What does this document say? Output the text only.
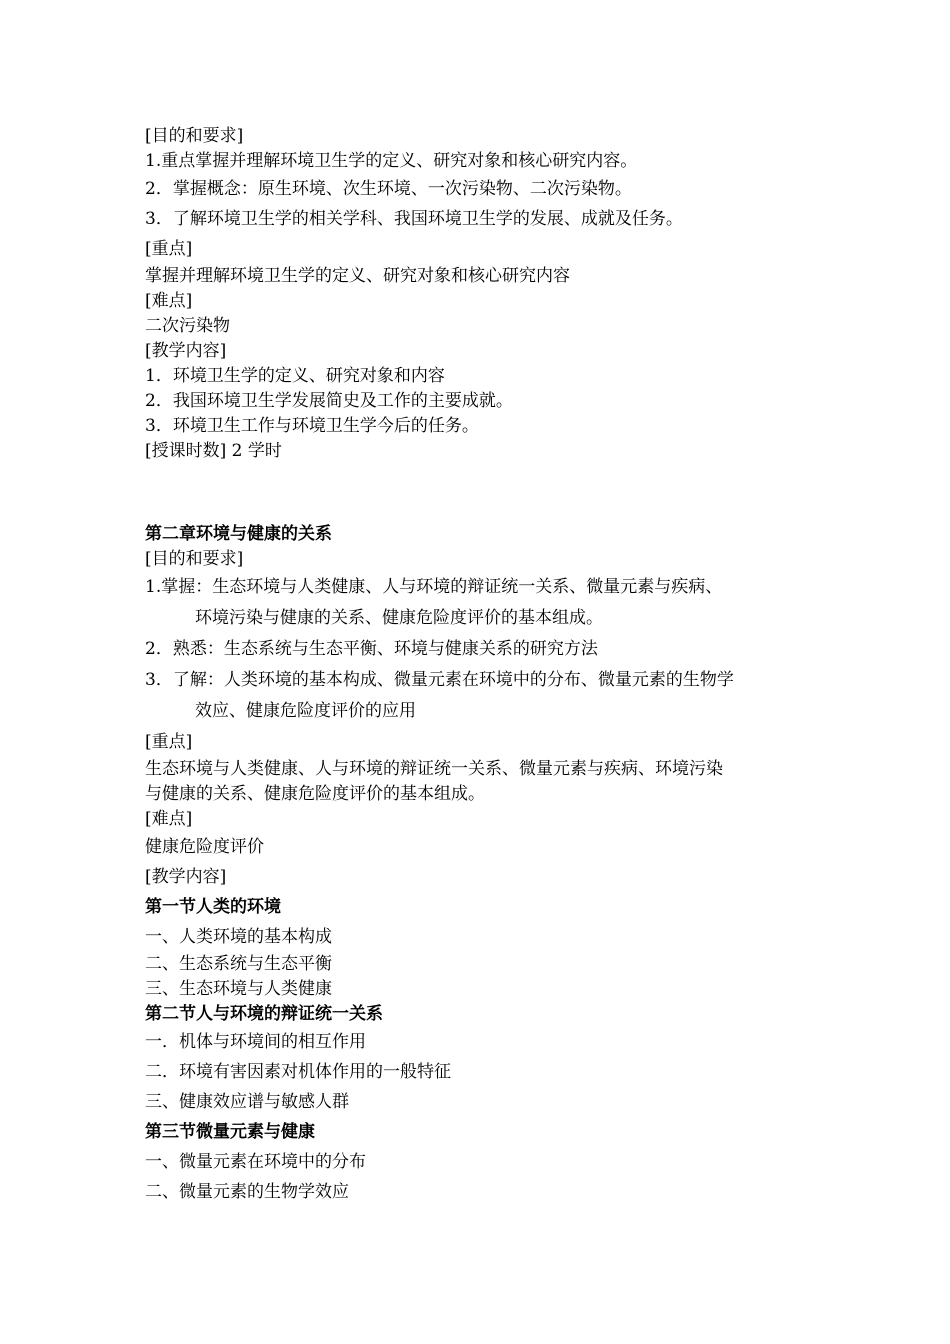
[目的和要求]
1.重点掌握并理解环境卫生学的定义、研究对象和核心研究内容。
2．掌握概念：原生环境、次生环境、一次污染物、二次污染物。
3．了解环境卫生学的相关学科、我国环境卫生学的发展、成就及任务。
[重点]
掌握并理解环境卫生学的定义、研究对象和核心研究内容
[难点]
二次污染物
[教学内容]
1．环境卫生学的定义、研究对象和内容
2．我国环境卫生学发展简史及工作的主要成就。
3．环境卫生工作与环境卫生学今后的任务。
[授课时数] 2 学时
第二章环境与健康的关系
[目的和要求]
1.掌握：生态环境与人类健康、人与环境的辩证统一关系、微量元素与疾病、
环境污染与健康的关系、健康危险度评价的基本组成。
2．熟悉：生态系统与生态平衡、环境与健康关系的研究方法
3．了解：人类环境的基本构成、微量元素在环境中的分布、微量元素的生物学
效应、健康危险度评价的应用
[重点]
生态环境与人类健康、人与环境的辩证统一关系、微量元素与疾病、环境污染
与健康的关系、健康危险度评价的基本组成。
[难点]
健康危险度评价
[教学内容]
第一节人类的环境
一、人类环境的基本构成
二、生态系统与生态平衡
三、生态环境与人类健康
第二节人与环境的辩证统一关系
一．机体与环境间的相互作用
二．环境有害因素对机体作用的一般特征
三、健康效应谱与敏感人群
第三节微量元素与健康
一、微量元素在环境中的分布
二、微量元素的生物学效应
